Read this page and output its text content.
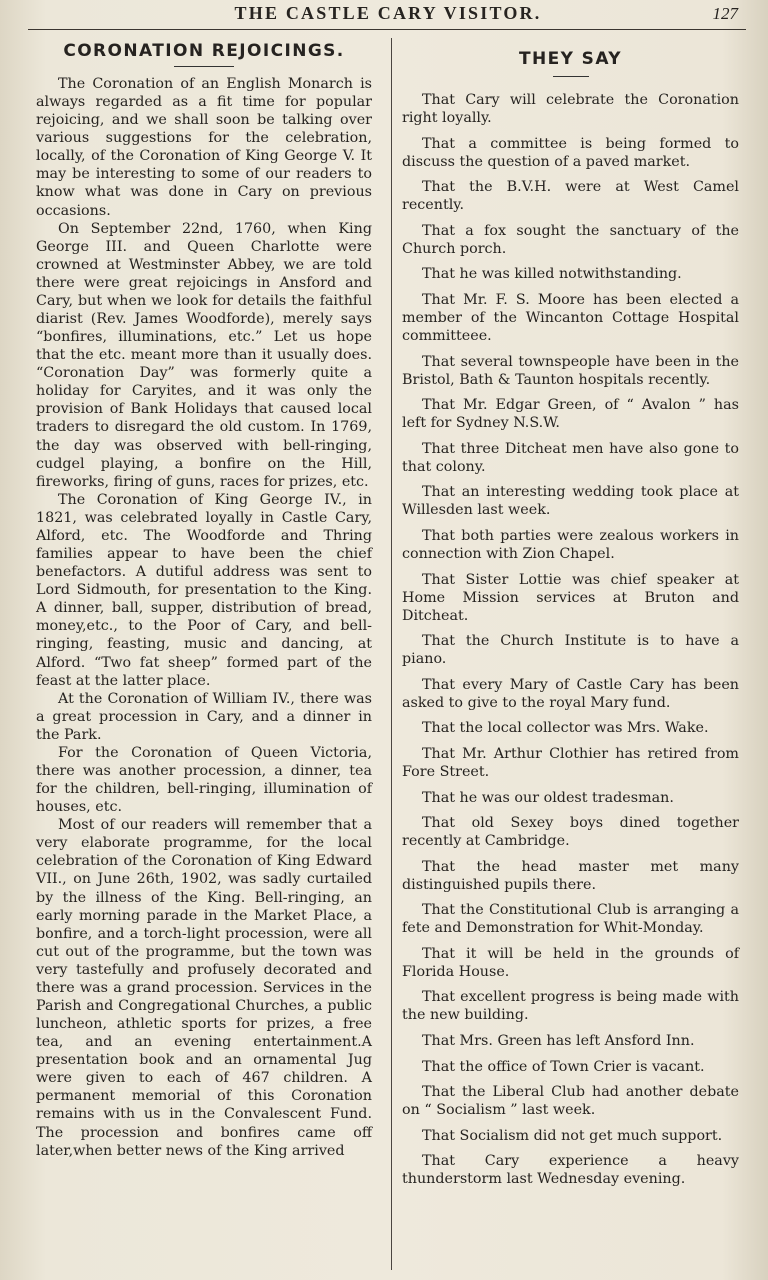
THE CASTLE CARY VISITOR.	127
CORONATION REJOICINGS.

The Coronation of an English Monarch is always regarded as a fit time for popular rejoicing, and we shall soon be talking over various suggestions for the celebration, locally, of the Coronation of King George V. It may be interesting to some of our readers to know what was done in Cary on previous occasions.

On September 22nd, 1760, when King George III. and Queen Charlotte were crowned at Westminster Abbey, we are told there were great rejoicings in Ansford and Cary, but when we look for details the faithful diarist (Rev. James Woodforde), merely says “bonfires, illuminations, etc.” Let us hope that the etc. meant more than it usually does. “Coronation Day” was formerly quite a holiday for Caryites, and it was only the provision of Bank Holidays that caused local traders to disregard the old custom. In 1769, the day was observed with bell-ringing, cudgel playing, a bonfire on the Hill, fireworks, firing of guns, races for prizes, etc.

The Coronation of King George IV., in 1821, was celebrated loyally in Castle Cary, Alford, etc. The Woodforde and Thring families appear to have been the chief benefactors. A dutiful address was sent to Lord Sidmouth, for presentation to the King. A dinner, ball, supper, distribution of bread, money,etc., to the Poor of Cary, and bell-ringing, feasting, music and dancing, at Alford. “Two fat sheep” formed part of the feast at the latter place.

At the Coronation of William IV., there was a great procession in Cary, and a dinner in the Park.

For the Coronation of Queen Victoria, there was another procession, a dinner, tea for the children, bell-ringing, illumination of houses, etc.

Most of our readers will remember that a very elaborate programme, for the local celebration of the Coronation of King Edward VII., on June 26th, 1902, was sadly curtailed by the illness of the King. Bell-ringing, an early morning parade in the Market Place, a bonfire, and a torch-light procession, were all cut out of the programme, but the town was very tastefully and profusely decorated and there was a grand procession. Services in the Parish and Congregational Churches, a public luncheon, athletic sports for prizes, a free tea, and an evening entertainment.A presentation book and an ornamental Jug were given to each of 467 children. A permanent memorial of this Coronation remains with us in the Convalescent Fund. The procession and bonfires came off later,when better news of the King arrived

THEY SAY

That Cary will celebrate the Coronation right loyally.

That a committee is being formed to discuss the question of a paved market.

That the B.V.H. were at West Camel recently.

That a fox sought the sanctuary of the Church porch.

That he was killed notwithstanding.

That Mr. F. S. Moore has been elected a member of the Wincanton Cottage Hospital committeee.

That several townspeople have been in the Bristol, Bath & Taunton hospitals recently.

That Mr. Edgar Green, of “ Avalon ” has left for Sydney N.S.W.

That three Ditcheat men have also gone to that colony.

That an interesting wedding took place at Willesden last week.

That both parties were zealous workers in connection with Zion Chapel.

That Sister Lottie was chief speaker at Home Mission services at Bruton and Ditcheat.

That the Church Institute is to have a piano.

That every Mary of Castle Cary has been asked to give to the royal Mary fund.

That the local collector was Mrs. Wake.

That Mr. Arthur Clothier has retired from Fore Street.

That he was our oldest tradesman.

That old Sexey boys dined together recently at Cambridge.

That the head master met many distinguished pupils there.

That the Constitutional Club is arranging a fete and Demonstration for Whit-Monday.

That it will be held in the grounds of Florida House.

That excellent progress is being made with the new building.

That Mrs. Green has left Ansford Inn.

That the office of Town Crier is vacant.

That the Liberal Club had another debate on “ Socialism ” last week.

That Socialism did not get much support.

That Cary experience a heavy thunderstorm last Wednesday evening.
